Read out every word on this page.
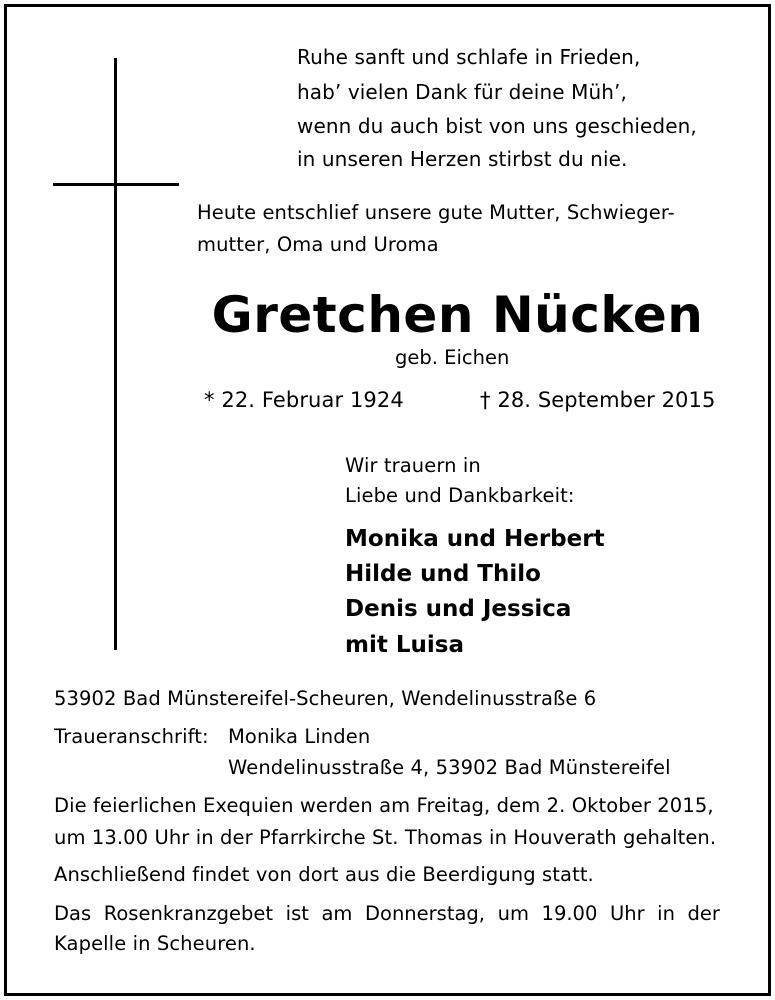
Ruhe sanft und schlafe in Frieden,
hab’ vielen Dank für deine Müh’,
wenn du auch bist von uns geschieden,
in unseren Herzen stirbst du nie.
Heute entschlief unsere gute Mutter, Schwieger-
mutter, Oma und Uroma
Gretchen Nücken
geb. Eichen
* 22. Februar 1924	† 28. September 2015
Wir trauern in
Liebe und Dankbarkeit:
Monika und Herbert
Hilde und Thilo
Denis und Jessica
mit Luisa
53902 Bad Münstereifel-Scheuren, Wendelinusstraße 6
Traueranschrift: Monika Linden
Wendelinusstraße 4, 53902 Bad Münstereifel
Die feierlichen Exequien werden am Freitag, dem 2. Oktober 2015,
um 13.00 Uhr in der Pfarrkirche St. Thomas in Houverath gehalten.
Anschließend findet von dort aus die Beerdigung statt.
Das Rosenkranzgebet ist am Donnerstag, um 19.00 Uhr in der
Kapelle in Scheuren.
